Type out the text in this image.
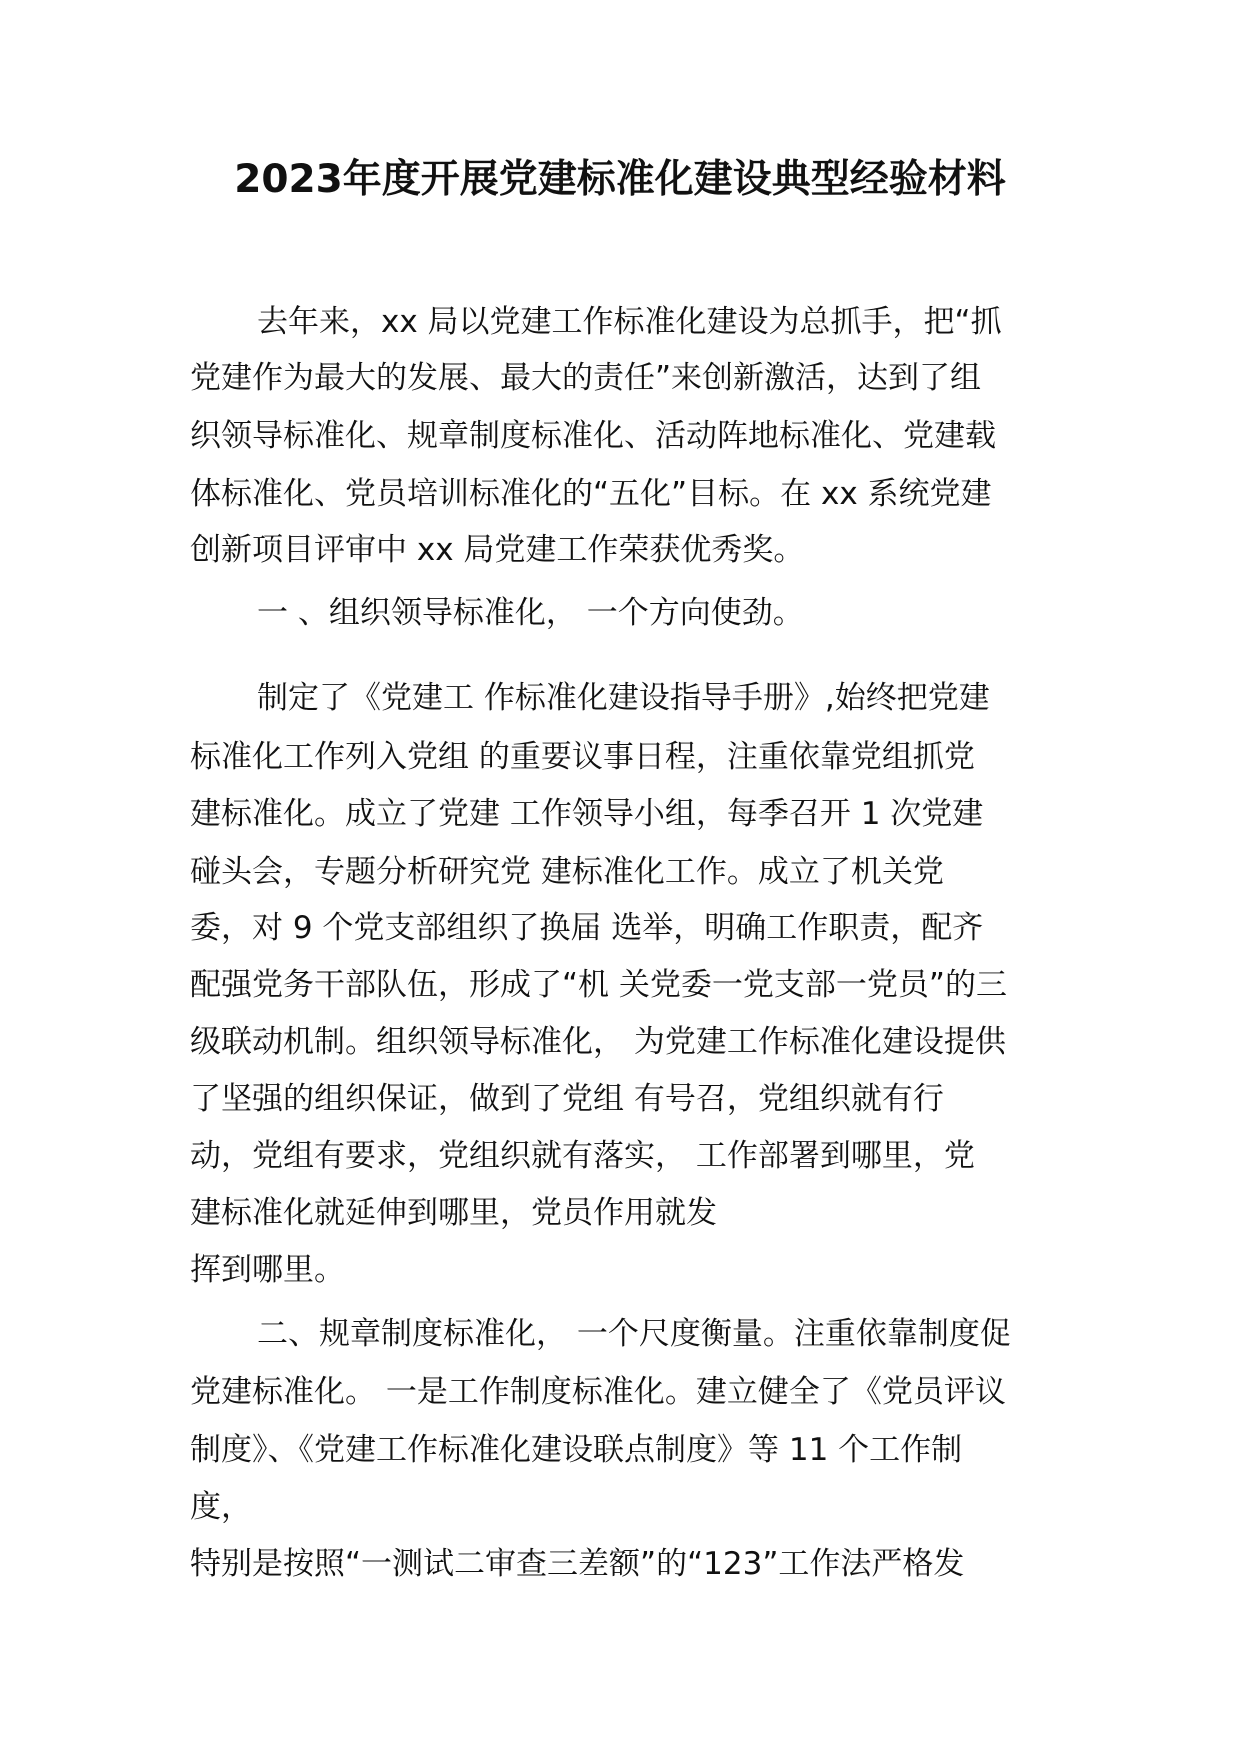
2023年度开展党建标准化建设典型经验材料
去年来，xx 局以党建工作标准化建设为总抓手，把“抓
党建作为最大的发展、最大的责任”来创新激活，达到了组
织领导标准化、规章制度标准化、活动阵地标准化、党建载
体标准化、党员培训标准化的“五化”目标。在 xx 系统党建
创新项目评审中 xx 局党建工作荣获优秀奖。
一 、组织领导标准化， 一个方向使劲。
制定了《党建工 作标准化建设指导手册》,始终把党建
标准化工作列入党组 的重要议事日程，注重依靠党组抓党
建标准化。成立了党建 工作领导小组，每季召开 1 次党建
碰头会，专题分析研究党 建标准化工作。成立了机关党
委，对 9 个党支部组织了换届 选举，明确工作职责，配齐
配强党务干部队伍，形成了“机 关党委一党支部一党员”的三
级联动机制。组织领导标准化， 为党建工作标准化建设提供
了坚强的组织保证，做到了党组 有号召，党组织就有行
动，党组有要求，党组织就有落实， 工作部署到哪里，党
建标准化就延伸到哪里，党员作用就发
挥到哪里。
二、规章制度标准化， 一个尺度衡量。注重依靠制度促
党建标准化。 一是工作制度标准化。建立健全了《党员评议
制度》、《党建工作标准化建设联点制度》等 11 个工作制
度，
特别是按照“一测试二审查三差额”的“123”工作法严格发
